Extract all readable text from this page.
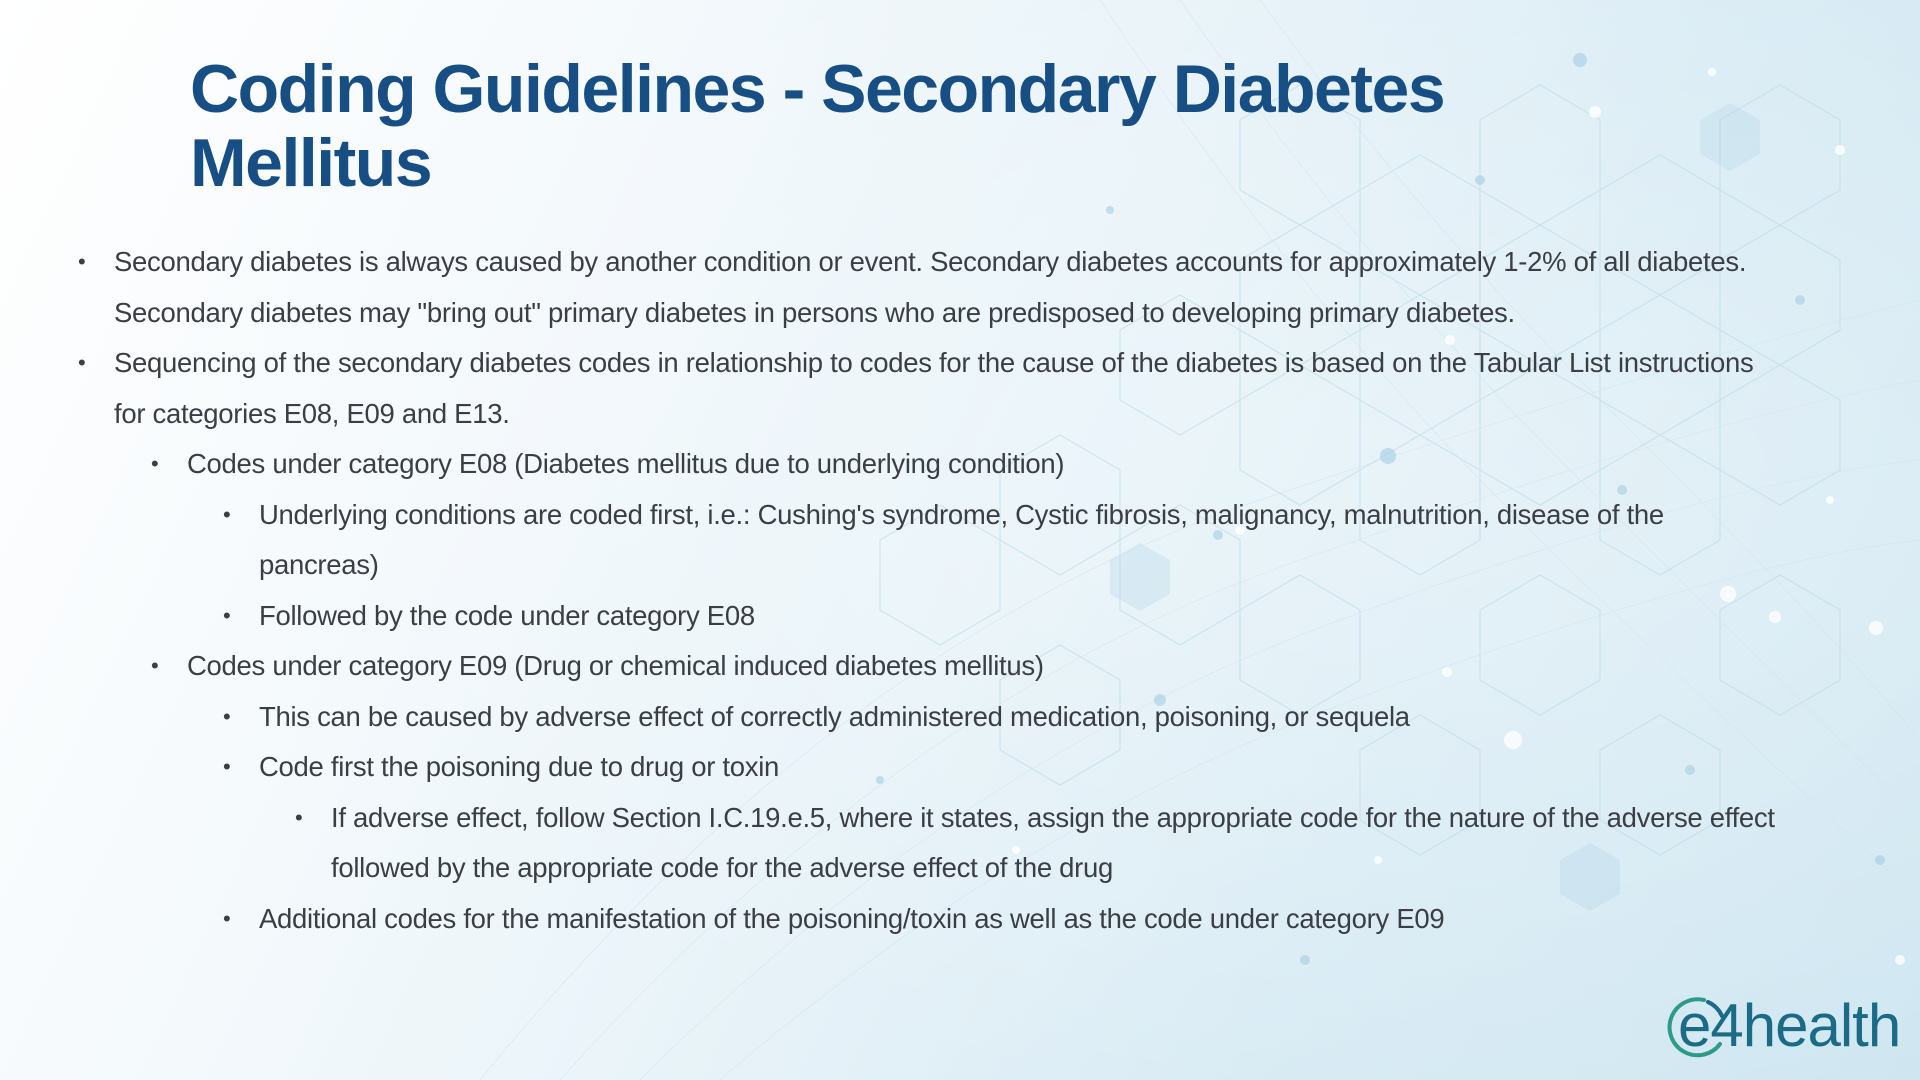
Coding Guidelines - Secondary Diabetes Mellitus
• Secondary diabetes is always caused by another condition or event. Secondary diabetes accounts for approximately 1-2% of all diabetes. Secondary diabetes may "bring out" primary diabetes in persons who are predisposed to developing primary diabetes.
• Sequencing of the secondary diabetes codes in relationship to codes for the cause of the diabetes is based on the Tabular List instructions for categories E08, E09 and E13.
• Codes under category E08 (Diabetes mellitus due to underlying condition)
• Underlying conditions are coded first, i.e.: Cushing's syndrome, Cystic fibrosis, malignancy, malnutrition, disease of the pancreas)
• Followed by the code under category E08
• Codes under category E09 (Drug or chemical induced diabetes mellitus)
• This can be caused by adverse effect of correctly administered medication, poisoning, or sequela
• Code first the poisoning due to drug or toxin
• If adverse effect, follow Section I.C.19.e.5, where it states, assign the appropriate code for the nature of the adverse effect followed by the appropriate code for the adverse effect of the drug
• Additional codes for the manifestation of the poisoning/toxin as well as the code under category E09
e4health
